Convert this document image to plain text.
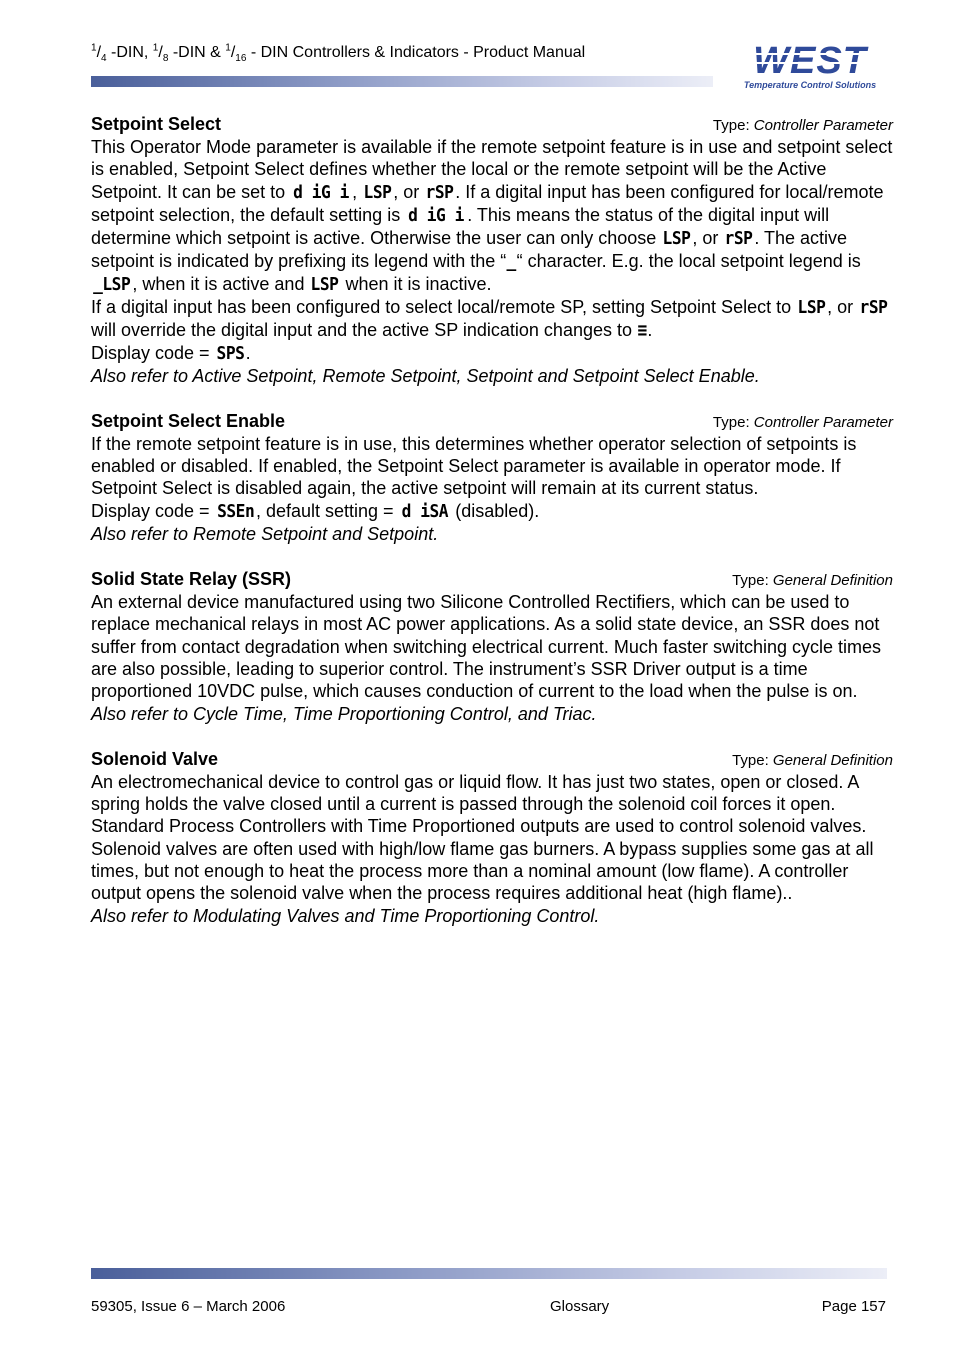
$^1/_4$ -DIN, $^1/_8$ -DIN & $^1/_{16}$ - DIN Controllers & Indicators - Product Manual	WEST
Temperature Control Solutions
Setpoint Select	Type: Controller Parameter

This Operator Mode parameter is available if the remote setpoint feature is in use and setpoint select is enabled, Setpoint Select defines whether the local or the remote setpoint will be the Active Setpoint. It can be set to d iG i , LSP, or rSP. If a digital input has been configured for local/remote setpoint selection, the default setting is d iG i . This means the status of the digital input will determine which setpoint is active. Otherwise the user can only choose LSP, or rSP. The active setpoint is indicated by prefixing its legend with the “_“ character. E.g. the local setpoint legend is _LSP , when it is active and LSP when it is inactive.

If a digital input has been configured to select local/remote SP, setting Setpoint Select to LSP, or rSP will override the digital input and the active SP indication changes to ≡.

Display code = SPS.

Also refer to Active Setpoint, Remote Setpoint, Setpoint and Setpoint Select Enable.

Setpoint Select Enable	Type: Controller Parameter

If the remote setpoint feature is in use, this determines whether operator selection of setpoints is enabled or disabled. If enabled, the Setpoint Select parameter is available in operator mode. If Setpoint Select is disabled again, the active setpoint will remain at its current status.

Display code = SSEn , default setting = d iSA (disabled).

Also refer to Remote Setpoint and Setpoint.

Solid State Relay (SSR)	Type: General Definition

An external device manufactured using two Silicone Controlled Rectifiers, which can be used to replace mechanical relays in most AC power applications. As a solid state device, an SSR does not suffer from contact degradation when switching electrical current. Much faster switching cycle times are also possible, leading to superior control. The instrument’s SSR Driver output is a time proportioned 10VDC pulse, which causes conduction of current to the load when the pulse is on.

Also refer to Cycle Time, Time Proportioning Control, and Triac.

Solenoid Valve	Type: General Definition

An electromechanical device to control gas or liquid flow. It has just two states, open or closed. A spring holds the valve closed until a current is passed through the solenoid coil forces it open. Standard Process Controllers with Time Proportioned outputs are used to control solenoid valves.

Solenoid valves are often used with high/low flame gas burners. A bypass supplies some gas at all times, but not enough to heat the process more than a nominal amount (low flame). A controller output opens the solenoid valve when the process requires additional heat (high flame)..

Also refer to Modulating Valves and Time Proportioning Control.

59305, Issue 6 – March 2006	Glossary	Page 157
